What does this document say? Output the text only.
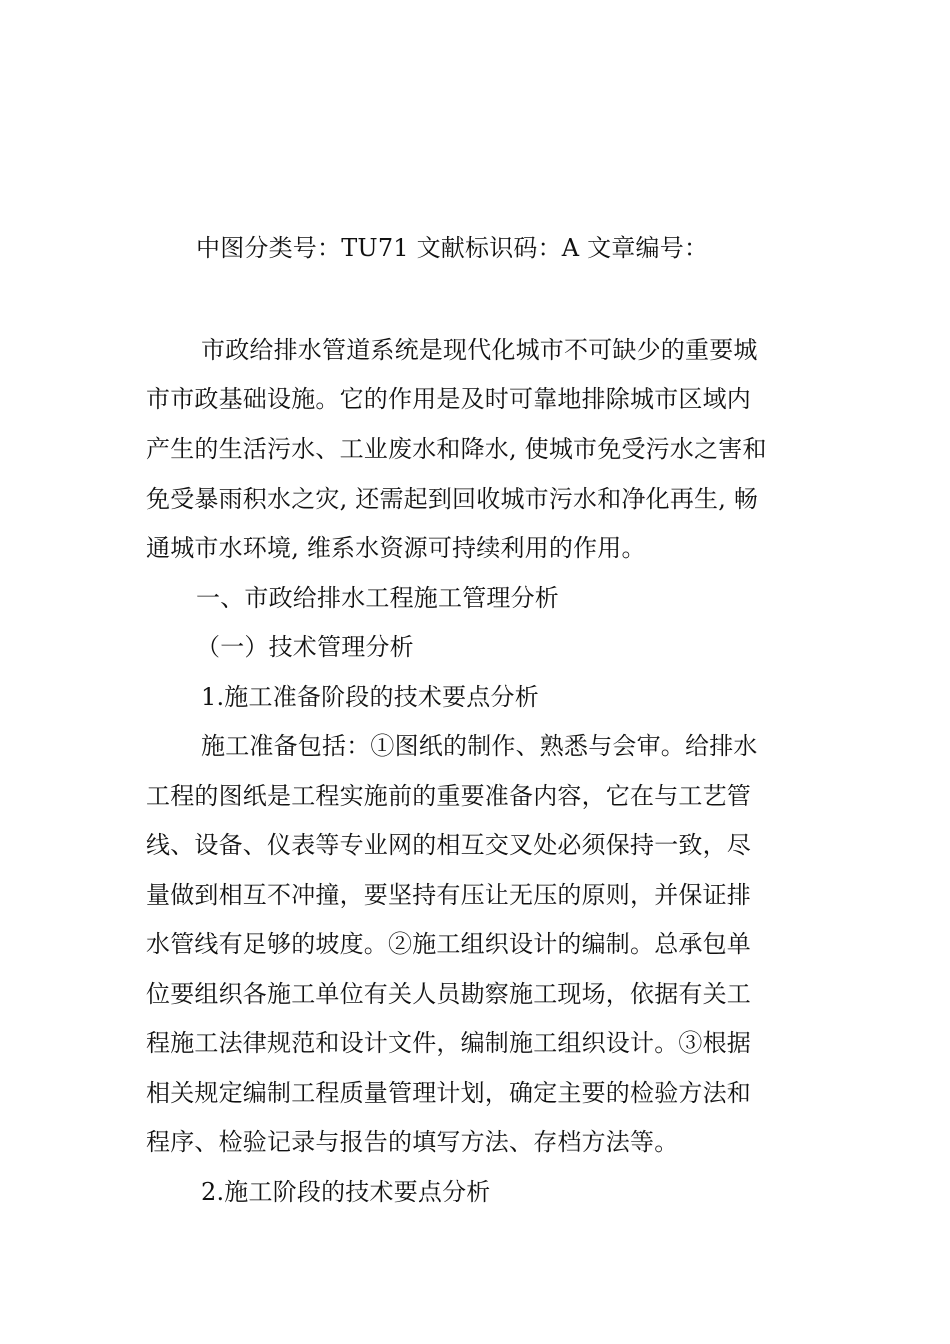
中图分类号：TU71 文献标识码：A 文章编号：
市政给排水管道系统是现代化城市不可缺少的重要城
市市政基础设施。它的作用是及时可靠地排除城市区域内
产生的生活污水、工业废水和降水, 使城市免受污水之害和
免受暴雨积水之灾, 还需起到回收城市污水和净化再生, 畅
通城市水环境, 维系水资源可持续利用的作用。
一、市政给排水工程施工管理分析
（一）技术管理分析
1.施工准备阶段的技术要点分析
施工准备包括：①图纸的制作、熟悉与会审。给排水
工程的图纸是工程实施前的重要准备内容，它在与工艺管
线、设备、仪表等专业网的相互交叉处必须保持一致，尽
量做到相互不冲撞，要坚持有压让无压的原则，并保证排
水管线有足够的坡度。②施工组织设计的编制。总承包单
位要组织各施工单位有关人员勘察施工现场，依据有关工
程施工法律规范和设计文件，编制施工组织设计。③根据
相关规定编制工程质量管理计划，确定主要的检验方法和
程序、检验记录与报告的填写方法、存档方法等。
2.施工阶段的技术要点分析
